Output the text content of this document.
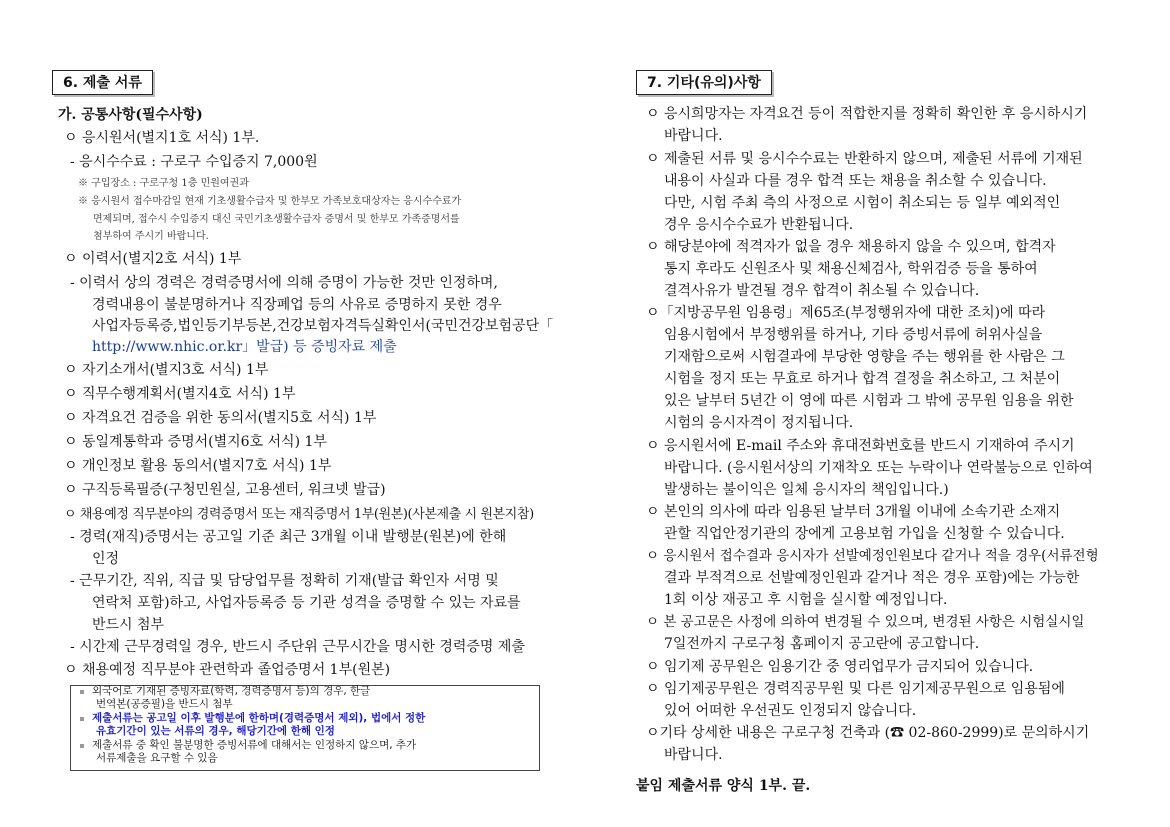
6. 제출 서류
가. 공통사항(필수사항)
ㅇ 응시원서(별지1호 서식) 1부.
- 응시수수료 : 구로구 수입증지 7,000원
※ 구입장소 : 구로구청 1층 민원여권과
※ 응시원서 접수마감일 현재 기초생활수급자 및 한부모 가족보호대상자는 응시수수료가
면제되며, 접수시 수입증지 대신 국민기초생활수급자 증명서 및 한부모 가족증명서를
첨부하여 주시기 바랍니다.
ㅇ 이력서(별지2호 서식) 1부
- 이력서 상의 경력은 경력증명서에 의해 증명이 가능한 것만 인정하며,
경력내용이 불분명하거나 직장폐업 등의 사유로 증명하지 못한 경우
사업자등록증,법인등기부등본,건강보험자격득실확인서(국민건강보험공단「
http://www.nhic.or.kr」발급) 등 증빙자료 제출
ㅇ 자기소개서(별지3호 서식) 1부
ㅇ 직무수행계획서(별지4호 서식) 1부
ㅇ 자격요건 검증을 위한 동의서(별지5호 서식) 1부
ㅇ 동일계통학과 증명서(별지6호 서식) 1부
ㅇ 개인정보 활용 동의서(별지7호 서식) 1부
ㅇ 구직등록필증(구청민원실, 고용센터, 워크넷 발급)
ㅇ 채용예정 직무분야의 경력증명서 또는 재직증명서 1부(원본)(사본제출 시 원본지참)
- 경력(재직)증명서는 공고일 기준 최근 3개월 이내 발행분(원본)에 한해
인정
- 근무기간, 직위, 직급 및 담당업무를 정확히 기재(발급 확인자 서명 및
연락처 포함)하고, 사업자등록증 등 기관 성격을 증명할 수 있는 자료를
반드시 첨부
- 시간제 근무경력일 경우, 반드시 주단위 근무시간을 명시한 경력증명 제출
ㅇ 채용예정 직무분야 관련학과 졸업증명서 1부(원본)
외국어로 기재된 증빙자료(학력, 경력증명서 등)의 경우, 한글
번역본(공증필)을 반드시 첨부
제출서류는 공고일 이후 발행분에 한하며(경력증명서 제외), 법에서 정한
유효기간이 있는 서류의 경우, 해당기간에 한해 인정
제출서류 중 확인 불분명한 증빙서류에 대해서는 인정하지 않으며, 추가
서류제출을 요구할 수 있음
7. 기타(유의)사항
ㅇ 응시희망자는 자격요건 등이 적합한지를 정확히 확인한 후 응시하시기
바랍니다.
ㅇ 제출된 서류 및 응시수수료는 반환하지 않으며, 제출된 서류에 기재된
내용이 사실과 다를 경우 합격 또는 채용을 취소할 수 있습니다.
다만, 시험 주최 측의 사정으로 시험이 취소되는 등 일부 예외적인
경우 응시수수료가 반환됩니다.
ㅇ 해당분야에 적격자가 없을 경우 채용하지 않을 수 있으며, 합격자
통지 후라도 신원조사 및 채용신체검사, 학위검증 등을 통하여
결격사유가 발견될 경우 합격이 취소될 수 있습니다.
ㅇ「지방공무원 임용령」제65조(부정행위자에 대한 조치)에 따라
임용시험에서 부정행위를 하거나, 기타 증빙서류에 허위사실을
기재함으로써 시험결과에 부당한 영향을 주는 행위를 한 사람은 그
시험을 정지 또는 무효로 하거나 합격 결정을 취소하고, 그 처분이
있은 날부터 5년간 이 영에 따른 시험과 그 밖에 공무원 임용을 위한
시험의 응시자격이 정지됩니다.
ㅇ 응시원서에 E-mail 주소와 휴대전화번호를 반드시 기재하여 주시기
바랍니다. (응시원서상의 기재착오 또는 누락이나 연락불능으로 인하여
발생하는 불이익은 일체 응시자의 책임입니다.)
ㅇ 본인의 의사에 따라 임용된 날부터 3개월 이내에 소속기관 소재지
관할 직업안정기관의 장에게 고용보험 가입을 신청할 수 있습니다.
ㅇ 응시원서 접수결과 응시자가 선발예정인원보다 같거나 적을 경우(서류전형
결과 부적격으로 선발예정인원과 같거나 적은 경우 포함)에는 가능한
1회 이상 재공고 후 시험을 실시할 예정입니다.
ㅇ 본 공고문은 사정에 의하여 변경될 수 있으며, 변경된 사항은 시험실시일
7일전까지 구로구청 홈페이지 공고란에 공고합니다.
ㅇ 임기제 공무원은 임용기간 중 영리업무가 금지되어 있습니다.
ㅇ 임기제공무원은 경력직공무원 및 다른 임기제공무원으로 임용됨에
있어 어떠한 우선권도 인정되지 않습니다.
ㅇ기타 상세한 내용은 구로구청 건축과 (☎ 02-860-2999)로 문의하시기
바랍니다.
붙임 제출서류 양식 1부. 끝.
